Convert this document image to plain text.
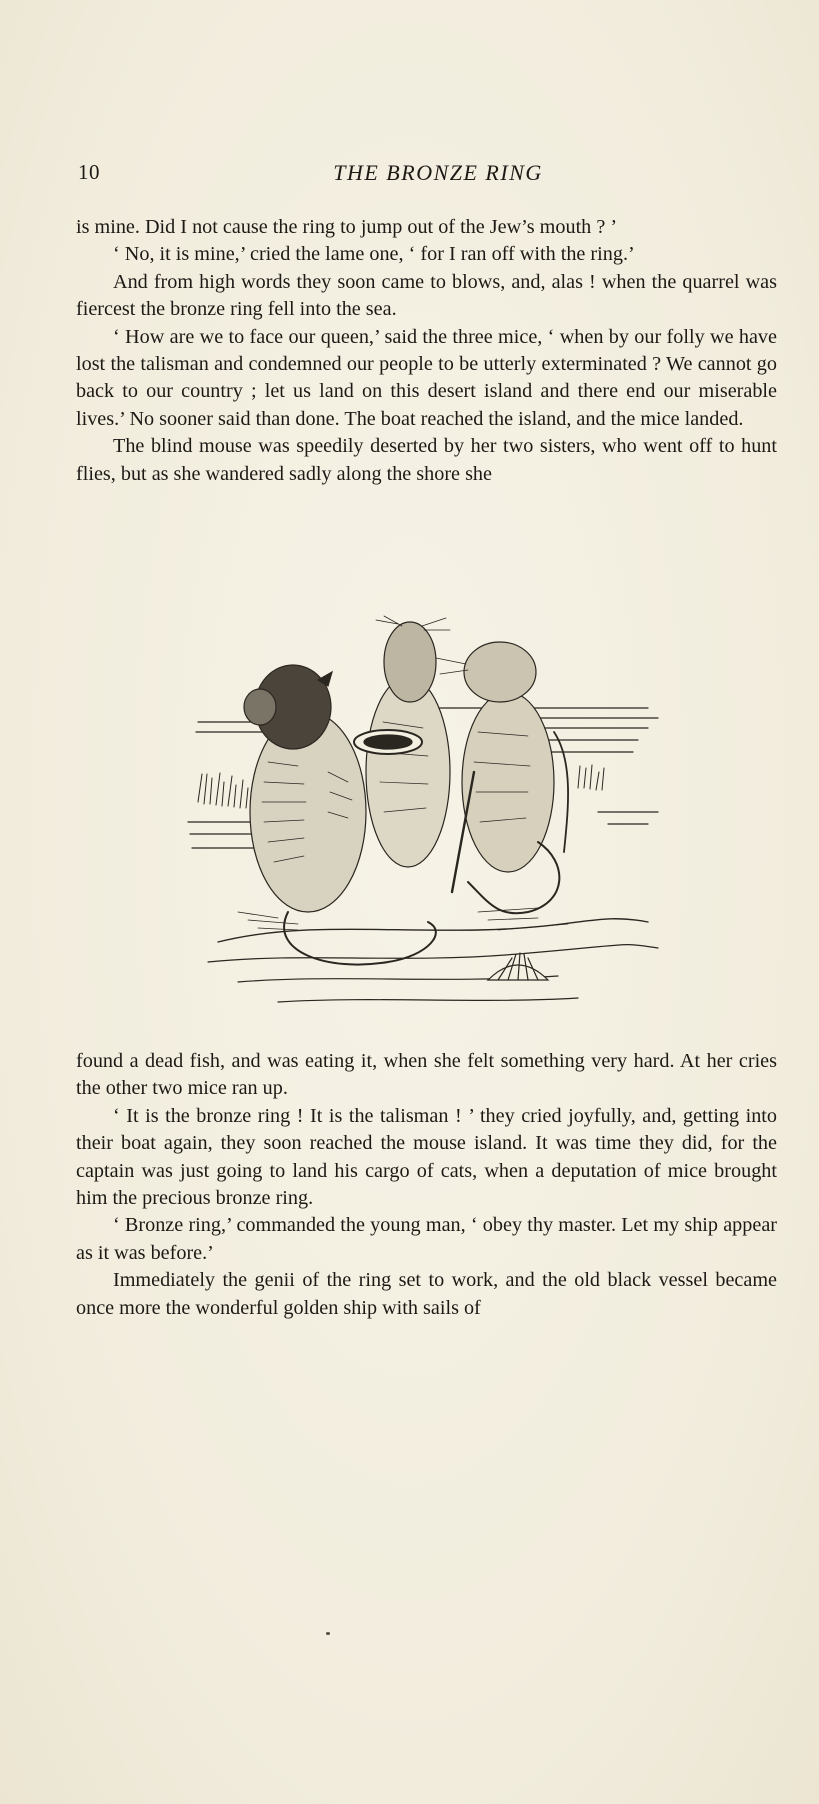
10	THE BRONZE RING

is mine. Did I not cause the ring to jump out of the Jew’s mouth ? ’

‘ No, it is mine,’ cried the lame one, ‘ for I ran off with the ring.’

And from high words they soon came to blows, and, alas ! when the quarrel was fiercest the bronze ring fell into the sea.

‘ How are we to face our queen,’ said the three mice, ‘ when by our folly we have lost the talisman and condemned our people to be utterly exterminated ? We cannot go back to our country ; let us land on this desert island and there end our miserable lives.’ No sooner said than done. The boat reached the island, and the mice landed.

The blind mouse was speedily deserted by her two sisters, who went off to hunt flies, but as she wandered sadly along the shore she

found a dead fish, and was eating it, when she felt something very hard. At her cries the other two mice ran up.

‘ It is the bronze ring ! It is the talisman ! ’ they cried joyfully, and, getting into their boat again, they soon reached the mouse island. It was time they did, for the captain was just going to land his cargo of cats, when a deputation of mice brought him the precious bronze ring.

‘ Bronze ring,’ commanded the young man, ‘ obey thy master. Let my ship appear as it was before.’

Immediately the genii of the ring set to work, and the old black vessel became once more the wonderful golden ship with sails of
